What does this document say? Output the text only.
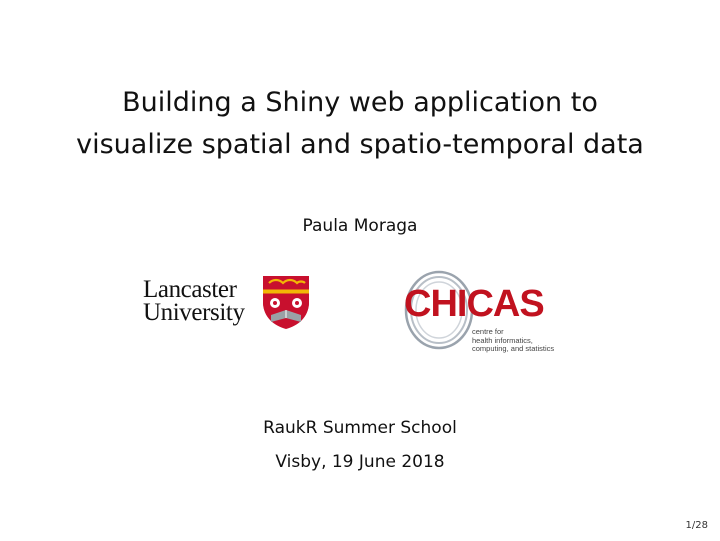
Building a Shiny web application to
visualize spatial and spatio-temporal data
Paula Moraga
Lancaster
University	CHICAS
centre for
health informatics,
computing, and statistics
RaukR Summer School
Visby, 19 June 2018
1/28
